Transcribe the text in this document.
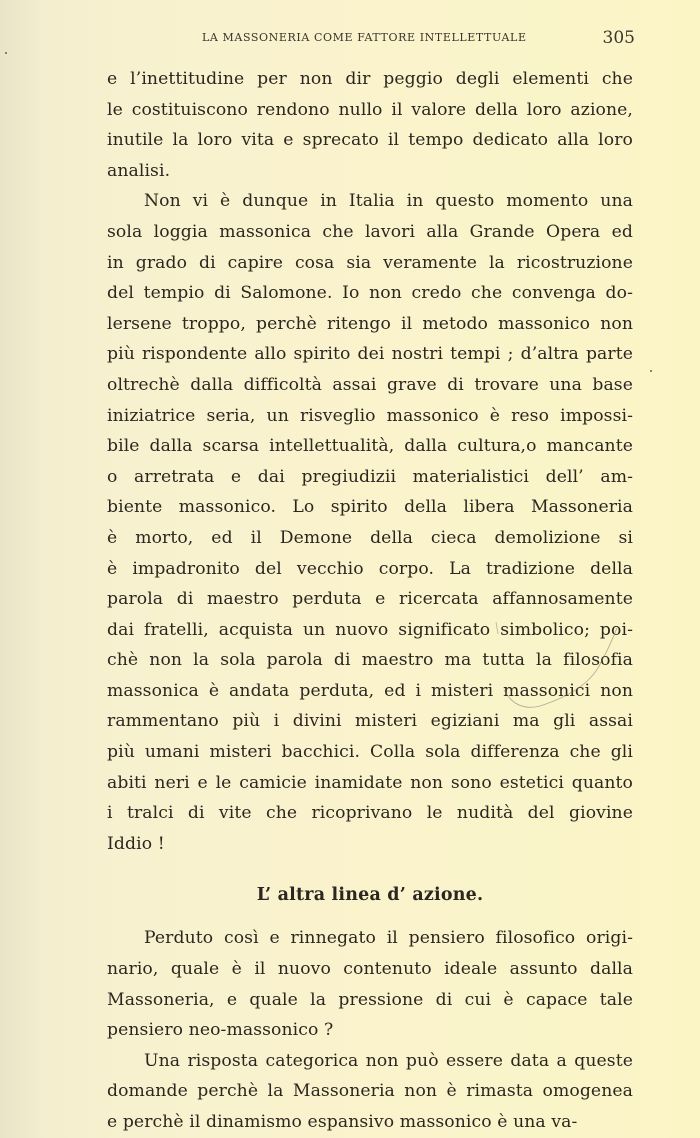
LA MASSONERIA COME FATTORE INTELLETTUALE	305
e l’inettitudine per non dir peggio degli elementi che
le costituiscono rendono nullo il valore della loro azione,
inutile la loro vita e sprecato il tempo dedicato alla loro
analisi.
Non vi è dunque in Italia in questo momento una
sola loggia massonica che lavori alla Grande Opera ed
in grado di capire cosa sia veramente la ricostruzione
del tempio di Salomone. Io non credo che convenga do-
lersene troppo, perchè ritengo il metodo massonico non
più rispondente allo spirito dei nostri tempi ; d’altra parte
oltrechè dalla difficoltà assai grave di trovare una base
iniziatrice seria, un risveglio massonico è reso impossi-
bile dalla scarsa intellettualità, dalla cultura,o mancante
o arretrata e dai pregiudizii materialistici dell’ am-
biente massonico. Lo spirito della libera Massoneria
è morto, ed il Demone della cieca demolizione si
è impadronito del vecchio corpo. La tradizione della
parola di maestro perduta e ricercata affannosamente
dai fratelli, acquista un nuovo significato simbolico; poi-
chè non la sola parola di maestro ma tutta la filosofia
massonica è andata perduta, ed i misteri massonici non
rammentano più i divini misteri egiziani ma gli assai
più umani misteri bacchici. Colla sola differenza che gli
abiti neri e le camicie inamidate non sono estetici quanto
i tralci di vite che ricoprivano le nudità del giovine
Iddio !
L’ altra linea d’ azione.
Perduto così e rinnegato il pensiero filosofico origi-
nario, quale è il nuovo contenuto ideale assunto dalla
Massoneria, e quale la pressione di cui è capace tale
pensiero neo-massonico ?
Una risposta categorica non può essere data a queste
domande perchè la Massoneria non è rimasta omogenea
e perchè il dinamismo espansivo massonico è una va-
